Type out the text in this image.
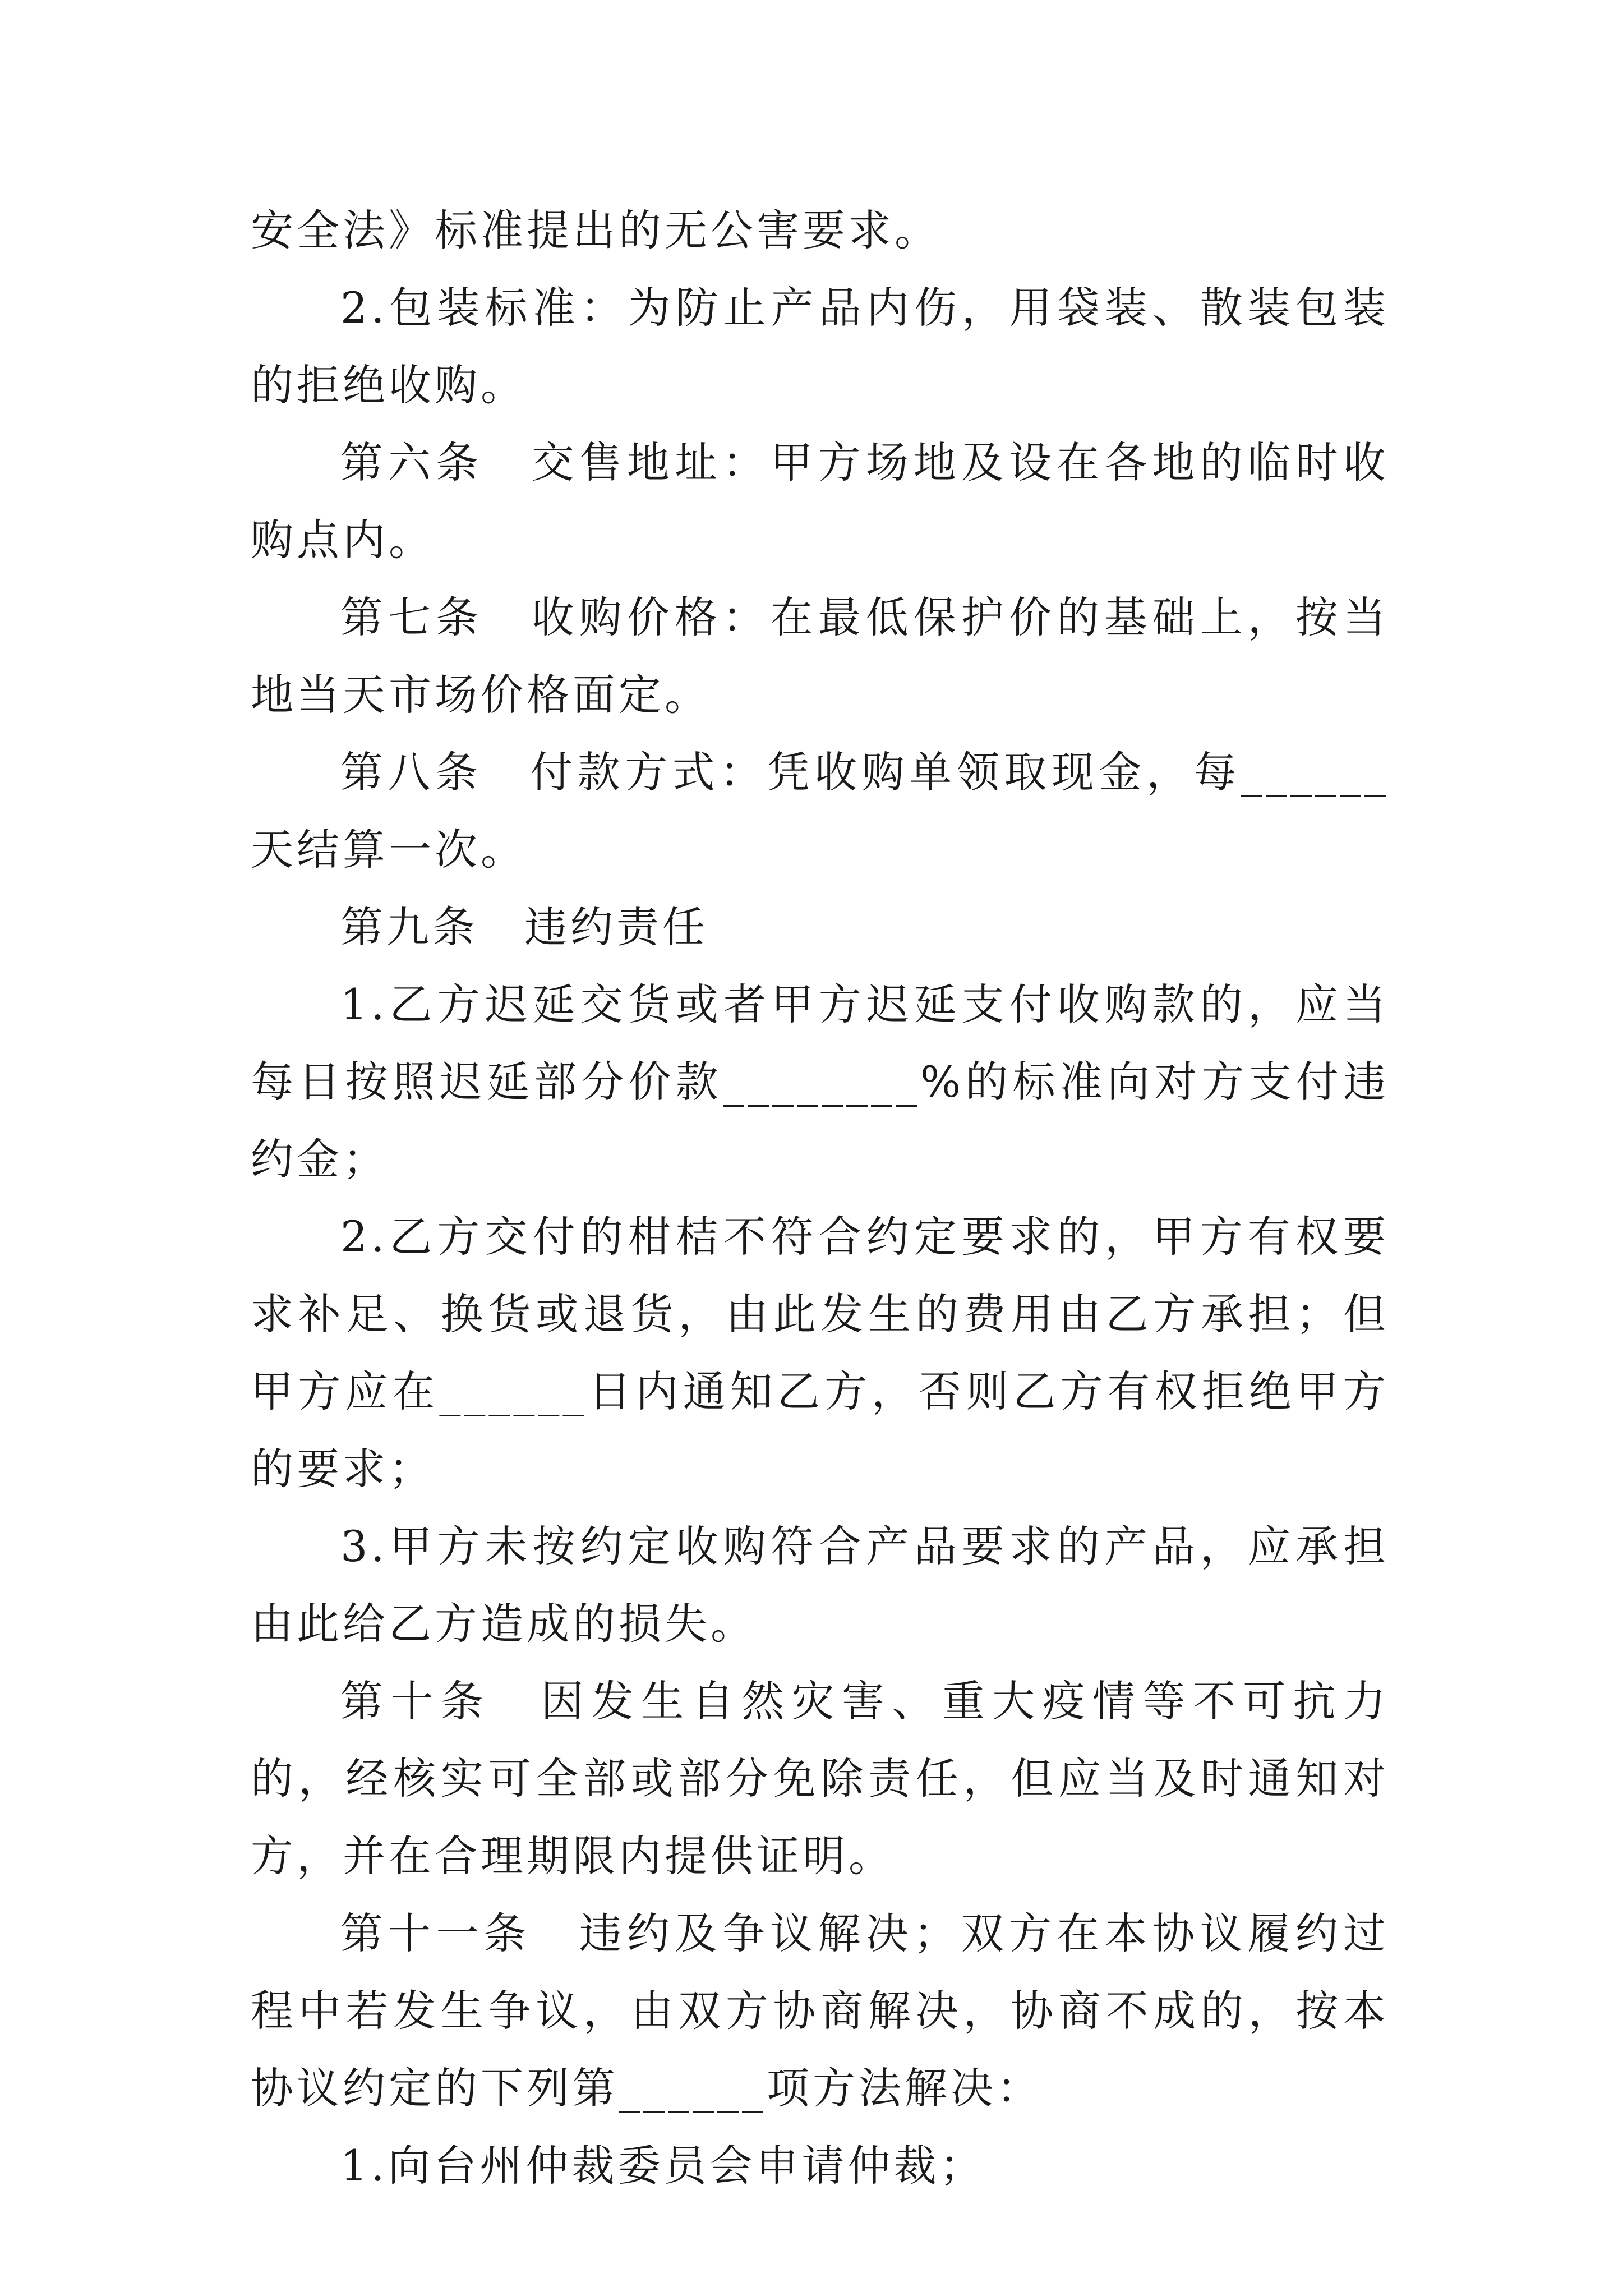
安全法》标准提出的无公害要求。

2.包装标准：为防止产品内伤，用袋装、散装包装的拒绝收购。

第六条　交售地址：甲方场地及设在各地的临时收购点内。

第七条　收购价格：在最低保护价的基础上，按当地当天市场价格面定。

第八条　付款方式：凭收购单领取现金，每______天结算一次。

第九条　违约责任

1.乙方迟延交货或者甲方迟延支付收购款的，应当每日按照迟延部分价款________%的标准向对方支付违约金；

2.乙方交付的柑桔不符合约定要求的，甲方有权要求补足、换货或退货，由此发生的费用由乙方承担；但甲方应在______日内通知乙方，否则乙方有权拒绝甲方的要求；

3.甲方未按约定收购符合产品要求的产品，应承担由此给乙方造成的损失。

第十条　因发生自然灾害、重大疫情等不可抗力的，经核实可全部或部分免除责任，但应当及时通知对方，并在合理期限内提供证明。

第十一条　违约及争议解决；双方在本协议履约过程中若发生争议，由双方协商解决，协商不成的，按本协议约定的下列第______项方法解决：

1.向台州仲裁委员会申请仲裁；
